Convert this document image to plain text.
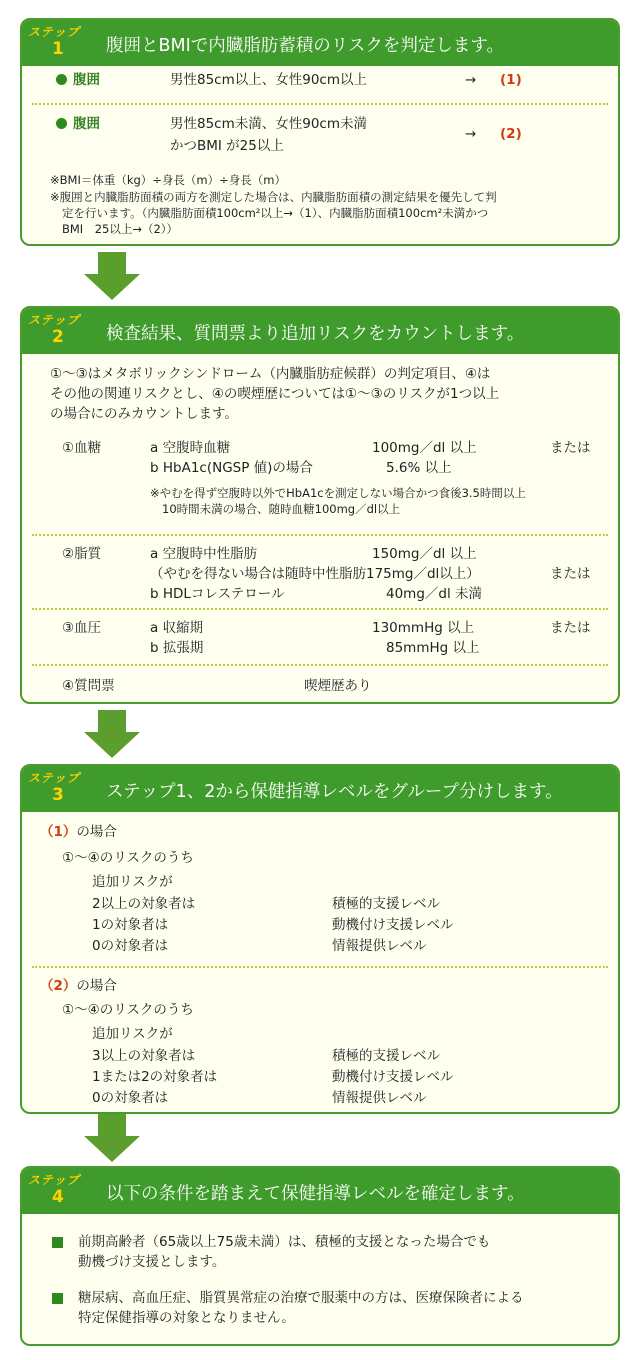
ステップ
1 腹囲とBMIで内臓脂肪蓄積のリスクを判定します。
腹囲	男性85cm以上、女性90cm以上	→ (1)
腹囲	男性85cm未満、女性90cm未満
かつBMI が25以上
→ (2)
※BMI＝体重（kg）÷身長（m）÷身長（m）
※腹囲と内臓脂肪面積の両方を測定した場合は、内臓脂肪面積の測定結果を優先して判
定を行います。（内臓脂肪面積100cm²以上→（1）、内臓脂肪面積100cm²未満かつ
BMI　25以上→（2））
ステップ
2 検査結果、質問票より追加リスクをカウントします。
①～③はメタボリックシンドローム（内臓脂肪症候群）の判定項目、④は
その他の関連リスクとし、④の喫煙歴については①～③のリスクが1つ以上
の場合にのみカウントします。
①血糖	a 空腹時血糖	100mg／dl 以上	または
b HbA1c(NGSP 値)の場合	5.6% 以上
※やむを得ず空腹時以外でHbA1cを測定しない場合かつ食後3.5時間以上
10時間未満の場合、随時血糖100mg／dl以上
②脂質	a 空腹時中性脂肪	150mg／dl 以上
（やむを得ない場合は随時中性脂肪175mg／dl以上）	または
b HDLコレステロール	40mg／dl 未満
③血圧	a 収縮期	130mmHg 以上	または
b 拡張期	85mmHg 以上
④質問票	喫煙歴あり
ステップ
3 ステップ1、2から保健指導レベルをグループ分けします。
（1）の場合
①～④のリスクのうち
追加リスクが
2以上の対象者は	積極的支援レベル
1の対象者は	動機付け支援レベル
0の対象者は	情報提供レベル
（2）の場合
①～④のリスクのうち
追加リスクが
3以上の対象者は	積極的支援レベル
1または2の対象者は	動機付け支援レベル
0の対象者は	情報提供レベル
ステップ
4 以下の条件を踏まえて保健指導レベルを確定します。
前期高齢者（65歳以上75歳未満）は、積極的支援となった場合でも
動機づけ支援とします。
糖尿病、高血圧症、脂質異常症の治療で服薬中の方は、医療保険者による
特定保健指導の対象となりません。
